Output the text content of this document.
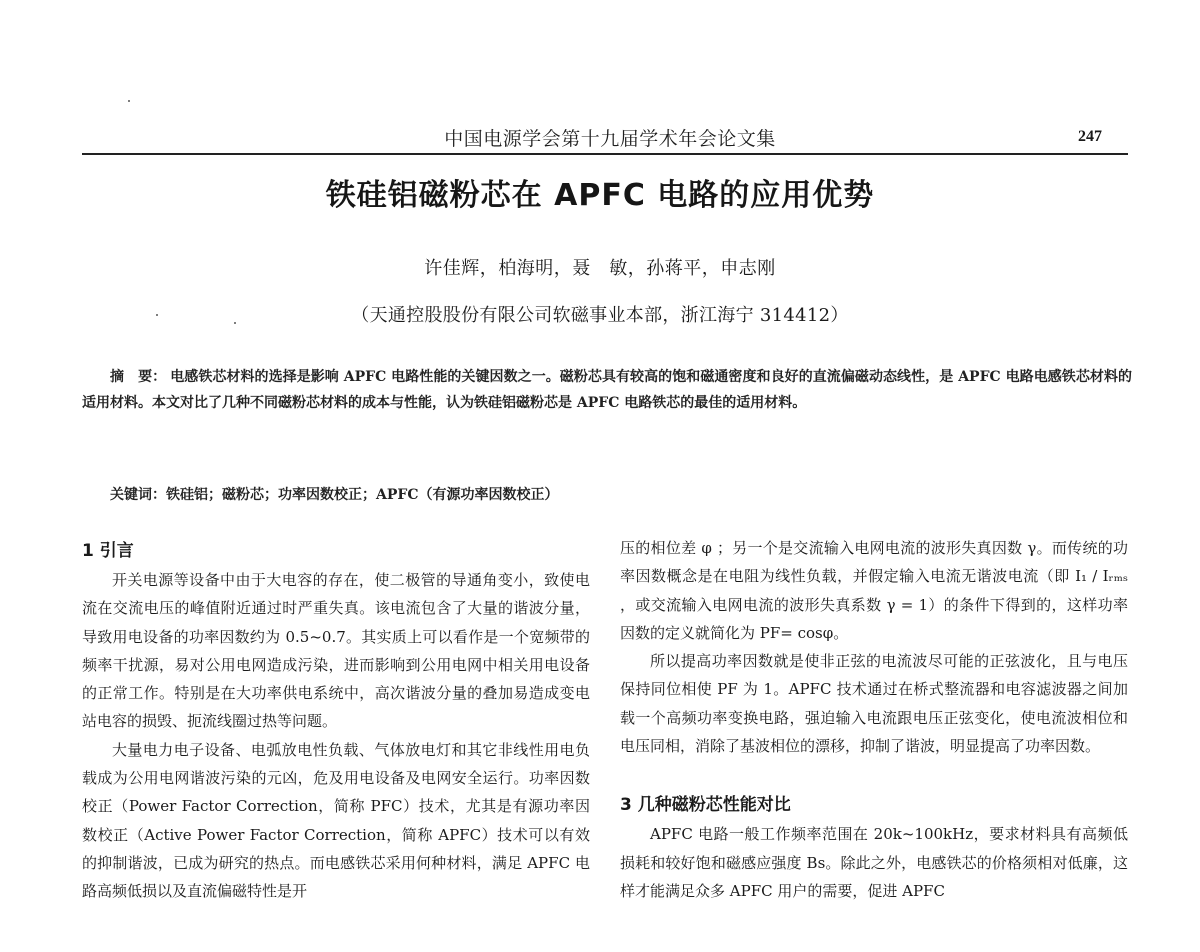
中国电源学会第十九届学术年会论文集	247
铁硅铝磁粉芯在 APFC 电路的应用优势
许佳辉，柏海明，聂　敏，孙蒋平，申志刚
（天通控股股份有限公司软磁事业本部，浙江海宁 314412）
摘　要： 电感铁芯材料的选择是影响 APFC 电路性能的关键因数之一。磁粉芯具有较高的饱和磁通密度和良好的直流偏磁动态线性，是 APFC 电路电感铁芯材料的适用材料。本文对比了几种不同磁粉芯材料的成本与性能，认为铁硅铝磁粉芯是 APFC 电路铁芯的最佳的适用材料。
关键词：铁硅铝；磁粉芯；功率因数校正；APFC（有源功率因数校正）
1 引言

开关电源等设备中由于大电容的存在，使二极管的导通角变小，致使电流在交流电压的峰值附近通过时严重失真。该电流包含了大量的谐波分量，导致用电设备的功率因数约为 0.5~0.7。其实质上可以看作是一个宽频带的频率干扰源，易对公用电网造成污染，进而影响到公用电网中相关用电设备的正常工作。特别是在大功率供电系统中，高次谐波分量的叠加易造成变电站电容的损毁、扼流线圈过热等问题。

大量电力电子设备、电弧放电性负载、气体放电灯和其它非线性用电负载成为公用电网谐波污染的元凶，危及用电设备及电网安全运行。功率因数校正（Power Factor Correction，简称 PFC）技术，尤其是有源功率因数校正（Active Power Factor Correction，简称 APFC）技术可以有效的抑制谐波，已成为研究的热点。而电感铁芯采用何种材料，满足 APFC 电路高频低损以及直流偏磁特性是开

压的相位差 φ ；另一个是交流输入电网电流的波形失真因数 γ。而传统的功率因数概念是在电阻为线性负载，并假定输入电流无谐波电流（即 I₁ / Iᵣₘₛ ，或交流输入电网电流的波形失真系数 γ = 1）的条件下得到的，这样功率因数的定义就简化为 PF= cosφ。

所以提高功率因数就是使非正弦的电流波尽可能的正弦波化，且与电压保持同位相使 PF 为 1。APFC 技术通过在桥式整流器和电容滤波器之间加载一个高频功率变换电路，强迫输入电流跟电压正弦变化，使电流波相位和电压同相，消除了基波相位的漂移，抑制了谐波，明显提高了功率因数。

3 几种磁粉芯性能对比

APFC 电路一般工作频率范围在 20k~100kHz，要求材料具有高频低损耗和较好饱和磁感应强度 Bs。除此之外，电感铁芯的价格须相对低廉，这样才能满足众多 APFC 用户的需要，促进 APFC
